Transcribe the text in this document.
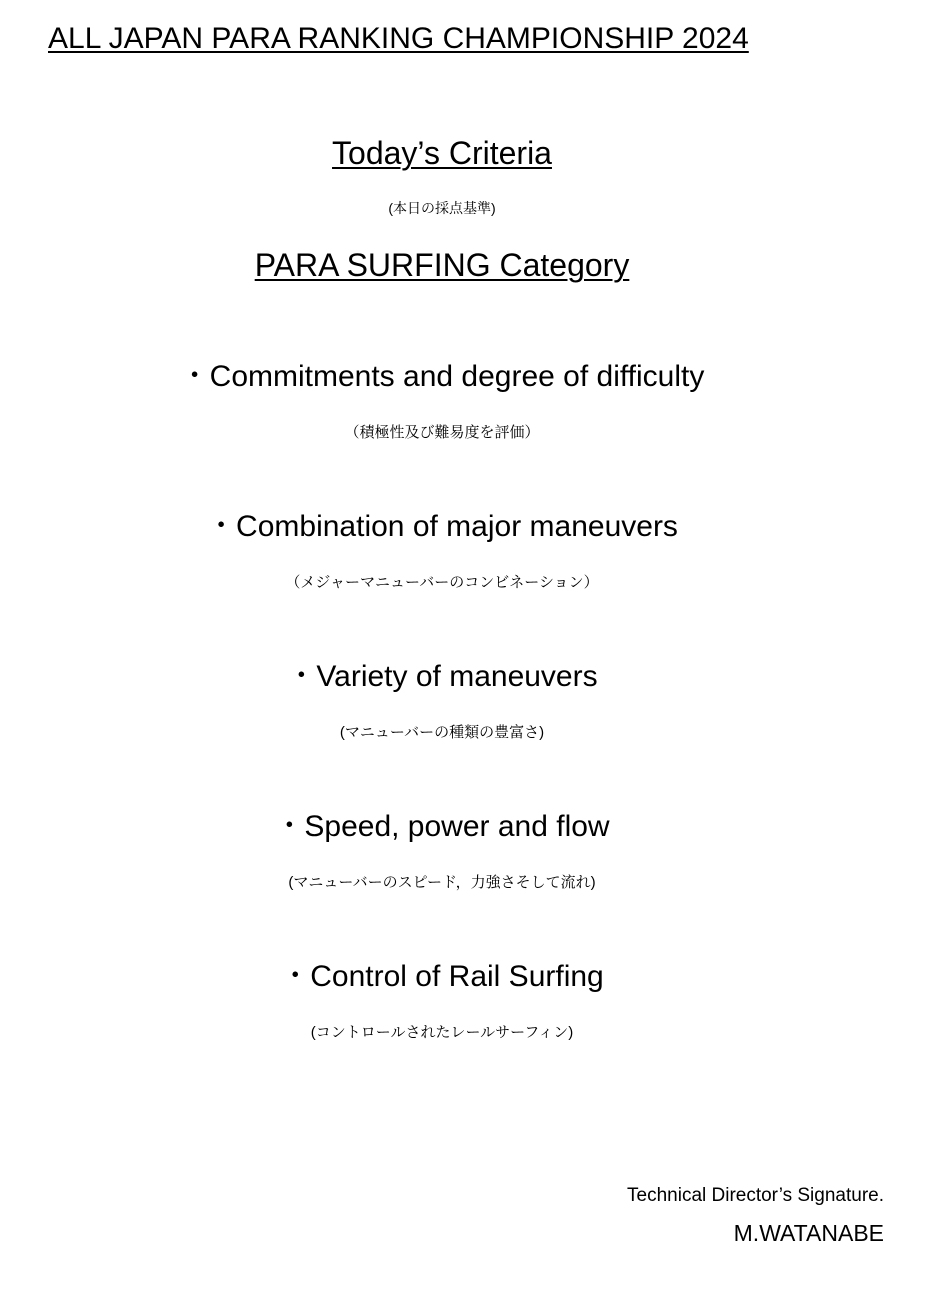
ALL JAPAN PARA RANKING CHAMPIONSHIP 2024
Today’s Criteria
(本日の採点基準)
PARA SURFING Category
・Commitments and degree of difficulty
（積極性及び難易度を評価）
・Combination of major maneuvers
（メジャーマニューバーのコンビネーション）
・Variety of maneuvers
(マニューバーの種類の豊富さ)
・Speed, power and flow
(マニューバーのスピード，力強さそして流れ)
・Control of Rail Surfing
(コントロールされたレールサーフィン)
Technical Director’s Signature.
M.WATANABE
